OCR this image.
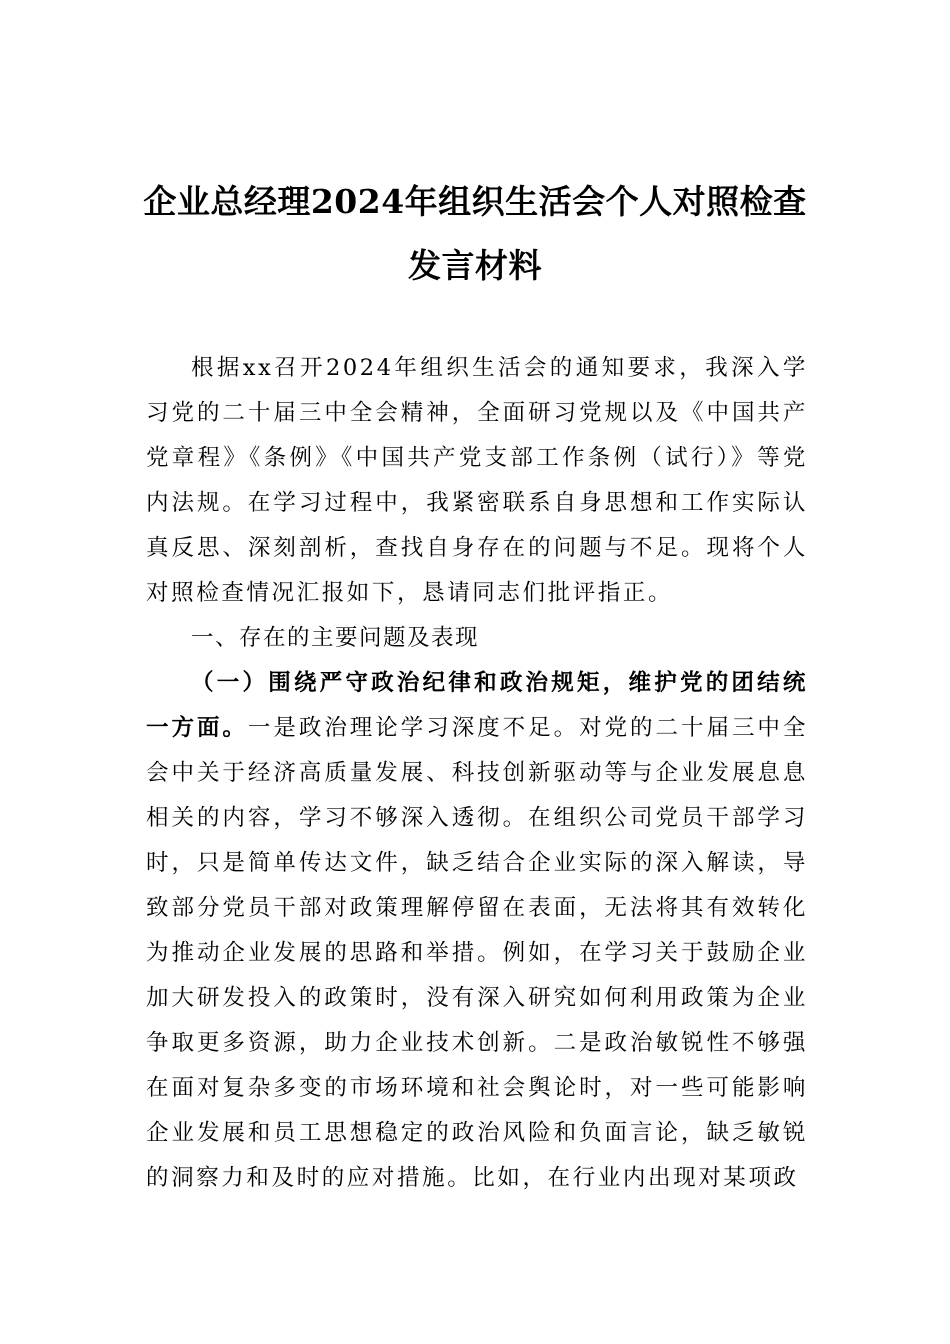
企业总经理2024年组织生活会个人对照检查发言材料

根据xx召开2024年组织生活会的通知要求，我深入学习党的二十届三中全会精神，全面研习党规以及《中国共产党章程》《条例》《中国共产党支部工作条例（试行）》等党内法规。在学习过程中，我紧密联系自身思想和工作实际认真反思、深刻剖析，查找自身存在的问题与不足。现将个人对照检查情况汇报如下，恳请同志们批评指正。

一、存在的主要问题及表现

（一）围绕严守政治纪律和政治规矩，维护党的团结统一方面。一是政治理论学习深度不足。对党的二十届三中全会中关于经济高质量发展、科技创新驱动等与企业发展息息相关的内容，学习不够深入透彻。在组织公司党员干部学习时，只是简单传达文件，缺乏结合企业实际的深入解读，导致部分党员干部对政策理解停留在表面，无法将其有效转化为推动企业发展的思路和举措。例如，在学习关于鼓励企业加大研发投入的政策时，没有深入研究如何利用政策为企业争取更多资源，助力企业技术创新。二是政治敏锐性不够强在面对复杂多变的市场环境和社会舆论时，对一些可能影响企业发展和员工思想稳定的政治风险和负面言论，缺乏敏锐的洞察力和及时的应对措施。比如，在行业内出现对某项政
